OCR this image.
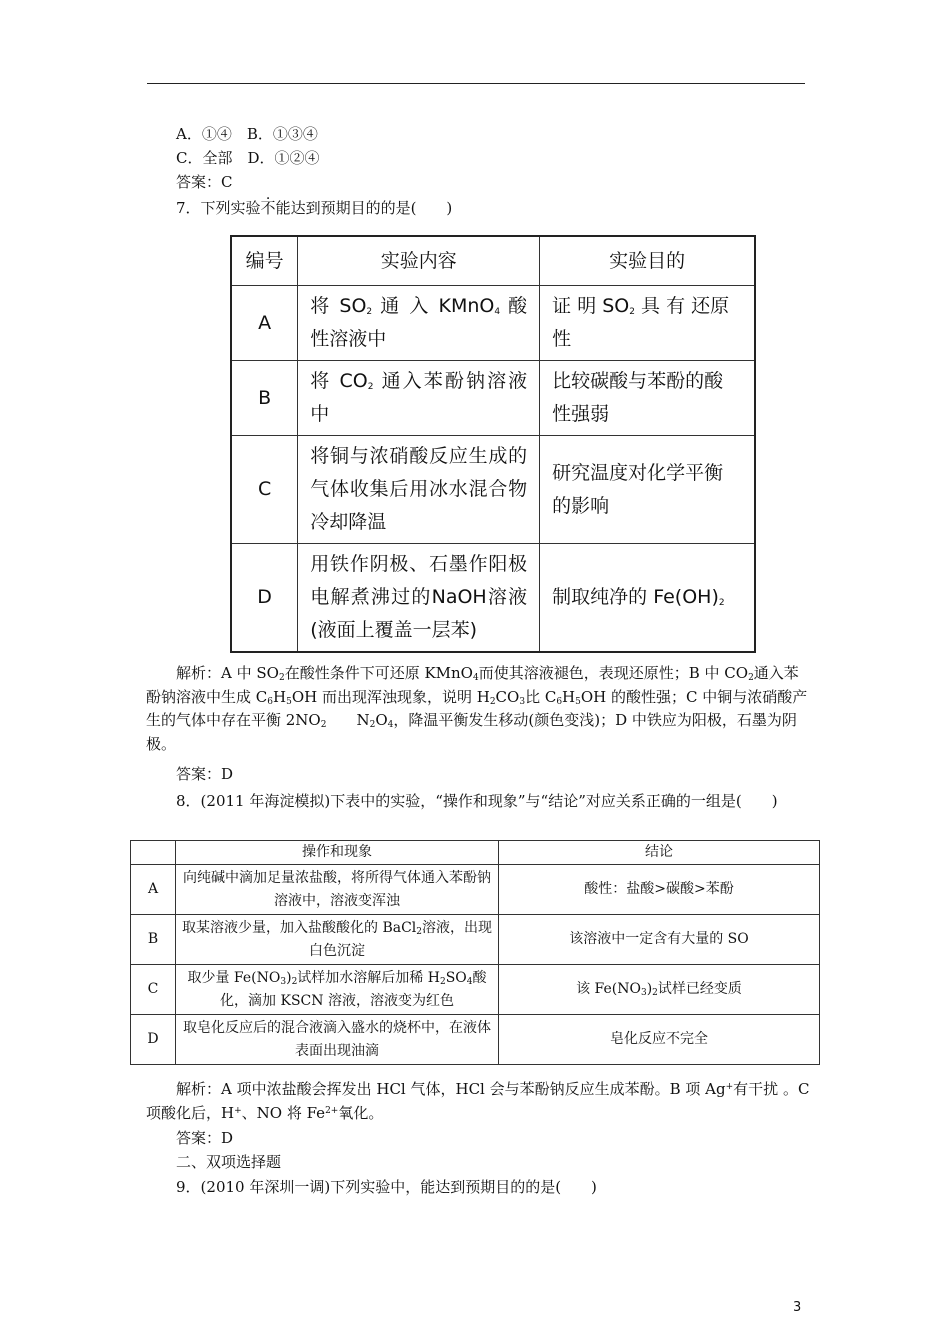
A．①④　B．①③④
C．全部　D．①②④
答案：C
7．下列实验不能达到预期目的的是(　　)
编号	实验内容	实验目的
A	将 $SO_2$ 通 入 KMnO$_4$ 酸性溶液中	证 明 $SO_2$ 具 有 还原性
B	将 $CO_2$ 通入苯酚钠溶液中	比较碳酸与苯酚的酸性强弱
C	将铜与浓硝酸反应生成的气体收集后用冰水混合物冷却降温	研究温度对化学平衡的影响
D	用铁作阴极、石墨作阳极电解煮沸过的NaOH溶液(液面上覆盖一层苯)	制取纯净的 $Fe(OH)_2$
解析：A 中 $SO_2$在酸性条件下可还原 KMnO$_4$而使其溶液褪色，表现还原性；B 中 $CO_2$通入苯酚钠溶液中生成 $C_6H_5OH$ 而出现浑浊现象，说明 $H_2CO_3$比 $C_6H_5OH$ 的酸性强；C 中铜与浓硝酸产生的气体中存在平衡 $2NO_2$　　$N_2O_4$，降温平衡发生移动(颜色变浅)；D 中铁应为阳极，石墨为阴极。
答案：D
8．(2011 年海淀模拟)下表中的实验，“操作和现象”与“结论”对应关系正确的一组是(　　)
	操作和现象	结论
A	向纯碱中滴加足量浓盐酸，将所得气体通入苯酚钠溶液中，溶液变浑浊	酸性：盐酸>碳酸>苯酚
B	取某溶液少量，加入盐酸酸化的 BaCl$_2$溶液，出现白色沉淀	该溶液中一定含有大量的 SO
C	取少量 $Fe(NO_3)_2$试样加水溶解后加稀 $H_2SO_4$酸化，滴加 KSCN 溶液，溶液变为红色	该 $Fe(NO_3)_2$试样已经变质
D	取皂化反应后的混合液滴入盛水的烧杯中，在液体表面出现油滴	皂化反应不完全
解析：A 项中浓盐酸会挥发出 HCl 气体，HCl 会与苯酚钠反应生成苯酚。B 项 Ag+有干扰 。C 项酸化后，H+、NO 将 $Fe^{2+}$氧化。
答案：D
二、双项选择题
9．(2010 年深圳一调)下列实验中，能达到预期目的的是(　　)
3
